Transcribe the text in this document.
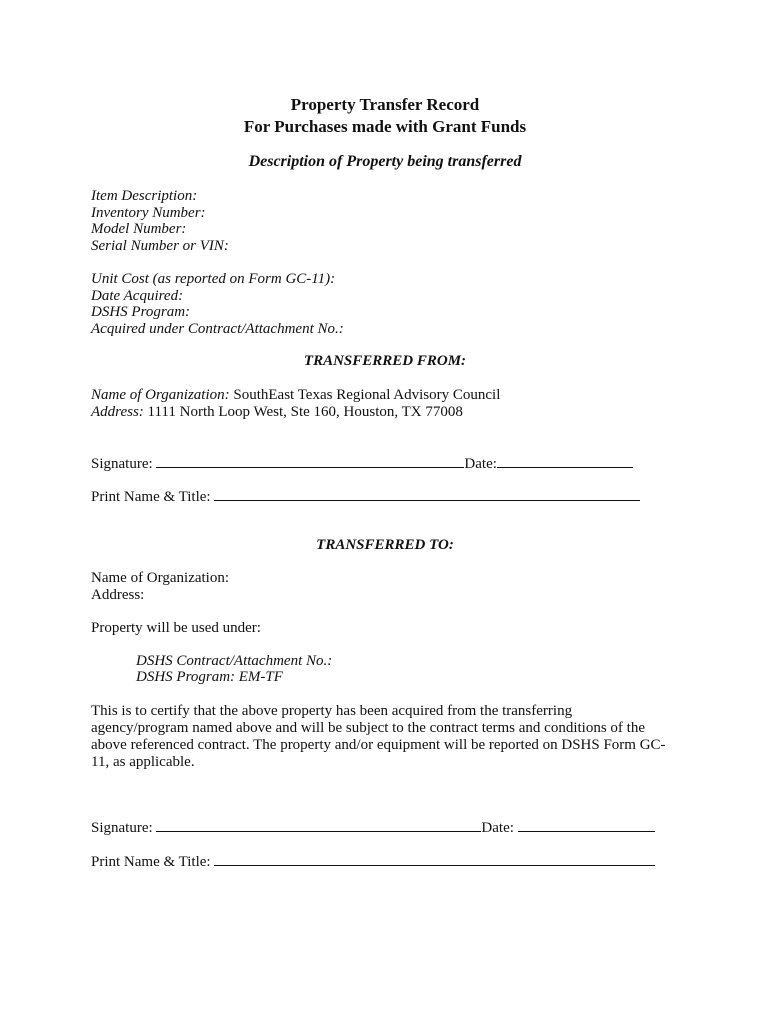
Property Transfer Record
For Purchases made with Grant Funds
Description of Property being transferred
Item Description:
Inventory Number:
Model Number:
Serial Number or VIN:
Unit Cost (as reported on Form GC-11):
Date Acquired:
DSHS Program:
Acquired under Contract/Attachment No.:
TRANSFERRED FROM:
Name of Organization: SouthEast Texas Regional Advisory Council
Address: 1111 North Loop West, Ste 160, Houston, TX 77008
Signature:	Date:
Print Name & Title:
TRANSFERRED TO:
Name of Organization:
Address:
Property will be used under:
DSHS Contract/Attachment No.:
DSHS Program: EM-TF
This is to certify that the above property has been acquired from the transferring agency/program named above and will be subject to the contract terms and conditions of the above referenced contract. The property and/or equipment will be reported on DSHS Form GC-11, as applicable.
Signature:	Date:
Print Name & Title:
